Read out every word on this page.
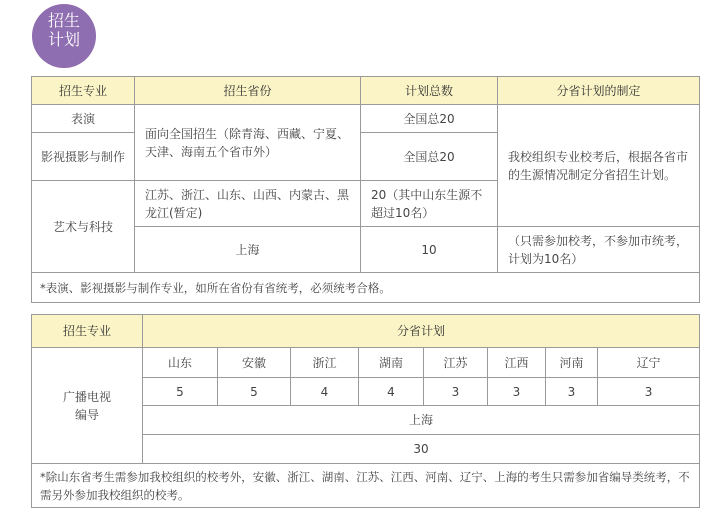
招生
计划
招生专业	招生省份	计划总数	分省计划的制定
表演	面向全国招生（除青海、西藏、宁夏、天津、海南五个省市外）	全国总20	我校组织专业校考后，根据各省市的生源情况制定分省招生计划。
影视摄影与制作		全国总20	
艺术与科技	江苏、浙江、山东、山西、内蒙古、黑龙江(暂定)	20（其中山东生源不超过10名）	
	上海	10	（只需参加校考，不参加市统考，计划为10名）
*表演、影视摄影与制作专业，如所在省份有省统考，必须统考合格。			
招生专业	分省计划							
广播电视编导	山东	安徽	浙江	湖南	江苏	江西	河南	辽宁
	5	5	4	4	3	3	3	3
	上海							
	30							
*除山东省考生需参加我校组织的校考外，安徽、浙江、湖南、江苏、江西、河南、辽宁、上海的考生只需参加省编导类统考，不需另外参加我校组织的校考。								
